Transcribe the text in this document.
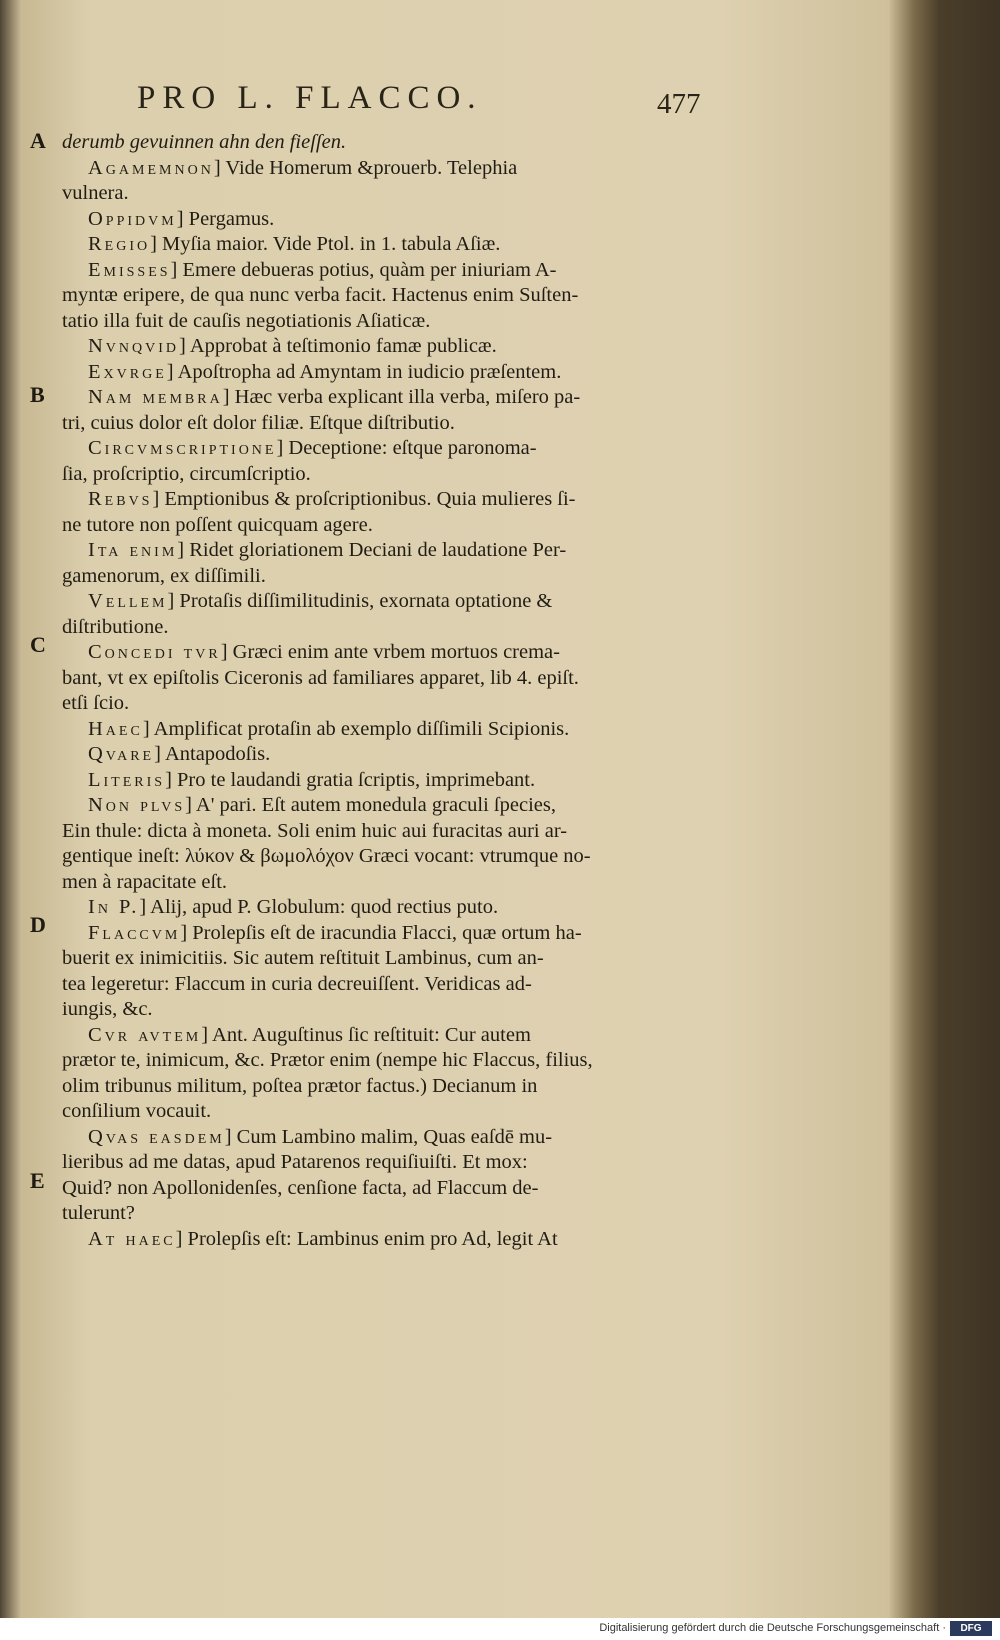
PRO L. FLACCO.	477
A
B
C
D
E
derumb gevuinnen ahn den fieſſen.
Agamemnon] Vide Homerum &prouerb. Telephia
vulnera.
Oppidvm] Pergamus.
Regio] Myſia maior. Vide Ptol. in 1. tabula Aſiæ.
Emisses] Emere debueras potius, quàm per iniuriam A-
myntæ eripere, de qua nunc verba facit. Hactenus enim Suſten-
tatio illa fuit de cauſis negotiationis Aſiaticæ.
Nvnqvid] Approbat à teſtimonio famæ publicæ.
Exvrge] Apoſtropha ad Amyntam in iudicio præſentem.
Nam membra] Hæc verba explicant illa verba, miſero pa-
tri, cuius dolor eſt dolor filiæ. Eſtque diſtributio.
Circvmscriptione] Deceptione: eſtque paronoma-
ſia, proſcriptio, circumſcriptio.
Rebvs] Emptionibus & proſcriptionibus. Quia mulieres ſi-
ne tutore non poſſent quicquam agere.
Ita enim] Ridet gloriationem Deciani de laudatione Per-
gamenorum, ex diſſimili.
Vellem] Protaſis diſſimilitudinis, exornata optatione &
diſtributione.
Concedi tvr] Græci enim ante vrbem mortuos crema-
bant, vt ex epiſtolis Ciceronis ad familiares apparet, lib 4. epiſt.
etſi ſcio.
Haec] Amplificat protaſin ab exemplo diſſimili Scipionis.
Qvare] Antapodoſis.
Literis] Pro te laudandi gratia ſcriptis, imprimebant.
Non plvs] A' pari. Eſt autem monedula graculi ſpecies,
Ein thule: dicta à moneta. Soli enim huic aui furacitas auri ar-
gentique ineſt: λύκον & βωμολόχον Græci vocant: vtrumque no-
men à rapacitate eſt.
In P.] Alij, apud P. Globulum: quod rectius puto.
Flaccvm] Prolepſis eſt de iracundia Flacci, quæ ortum ha-
buerit ex inimicitiis. Sic autem reſtituit Lambinus, cum an-
tea legeretur: Flaccum in curia decreuiſſent. Veridicas ad-
iungis, &c.
Cvr avtem] Ant. Auguſtinus ſic reſtituit: Cur autem
prætor te, inimicum, &c. Prætor enim (nempe hic Flaccus, filius,
olim tribunus militum, poſtea prætor factus.) Decianum in
conſilium vocauit.
Qvas easdem] Cum Lambino malim, Quas eaſdē mu-
lieribus ad me datas, apud Patarenos requiſiuiſti. Et mox:
Quid? non Apollonidenſes, cenſione facta, ad Flaccum de-
tulerunt?
At haec] Prolepſis eſt: Lambinus enim pro Ad, legit At
Digitalisierung gefördert durch die Deutsche Forschungsgemeinschaft ·	DFG
